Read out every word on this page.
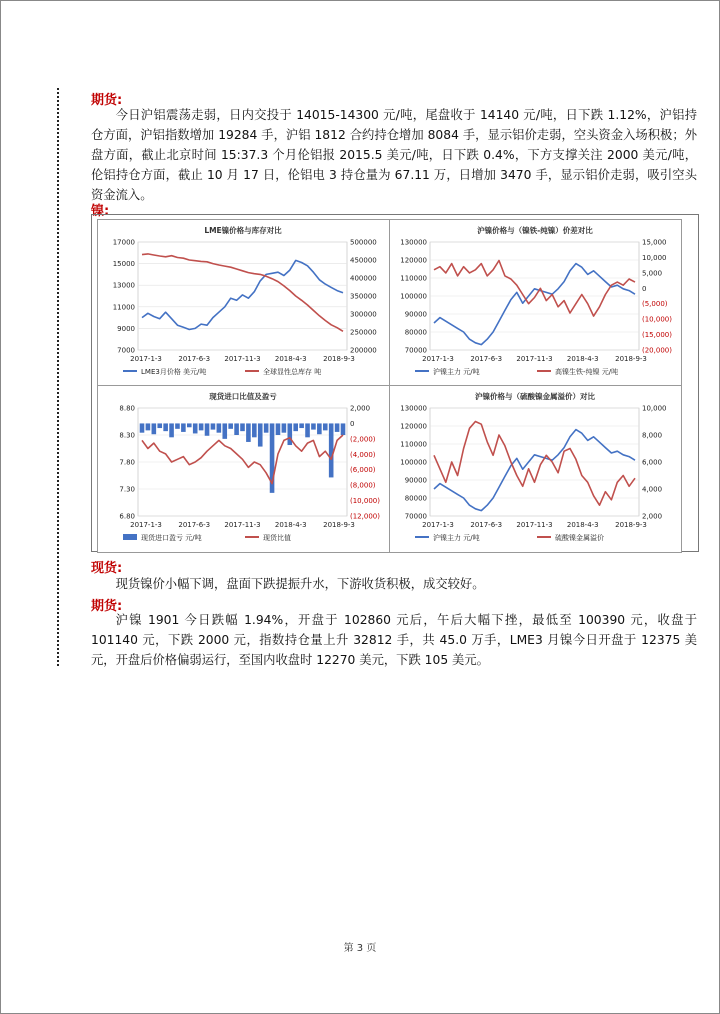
期货:
今日沪铝震荡走弱，日内交投于 14015-14300 元/吨，尾盘收于 14140 元/吨，日下跌 1.12%，沪铝持仓方面，沪铝指数增加 19284 手，沪铝 1812 合约持仓增加 8084 手，显示铝价走弱，空头资金入场积极；外盘方面，截止北京时间 15:37.3 个月伦铝报 2015.5 美元/吨，日下跌 0.4%，下方支撑关注 2000 美元/吨，伦铝持仓方面，截止 10 月 17 日，伦铝电 3 持仓量为 67.11 万，日增加 3470 手，显示铝价走弱，吸引空头资金流入。
镍:
LME镍价格与库存对比
17000
15000
13000
11000
9000
7000
500000
450000
400000
350000
300000
250000
200000
2017-1-3 2017-6-3 2017-11-3 2018-4-3 2018-9-3
LME3月价格 美元/吨	全球显性总库存 吨
沪镍价格与（镍铁-纯镍）价差对比
130000
120000
110000
100000
90000
80000
70000
15,000
10,000
5,000
0
(5,000)
(10,000)
(15,000)
(20,000)
2017-1-3 2017-6-3 2017-11-3 2018-4-3 2018-9-3
沪镍主力 元/吨	高镍生铁-纯镍 元/吨
现货进口比值及盈亏
8.80
8.30
7.80
7.30
6.80
2,000
0
(2,000)
(4,000)
(6,000)
(8,000)
(10,000)
(12,000)
2017-1-3 2017-6-3 2017-11-3 2018-4-3 2018-9-3
现货进口盈亏 元/吨	现货比值
沪镍价格与（硫酸镍金属溢价）对比
130000
120000
110000
100000
90000
80000
70000
10,000
8,000
6,000
4,000
2,000
2017-1-3 2017-6-3 2017-11-3 2018-4-3 2018-9-3
沪镍主力 元/吨	硫酸镍金属溢价
现货:
现货镍价小幅下调，盘面下跌提振升水，下游收货积极，成交较好。
期货:
沪镍 1901 今日跌幅 1.94%，开盘于 102860 元后，午后大幅下挫，最低至 100390 元，收盘于 101140 元，下跌 2000 元，指数持仓量上升 32812 手，共 45.0 万手，LME3 月镍今日开盘于 12375 美元，开盘后价格偏弱运行，至国内收盘时 12270 美元，下跌 105 美元。
第 3 页
